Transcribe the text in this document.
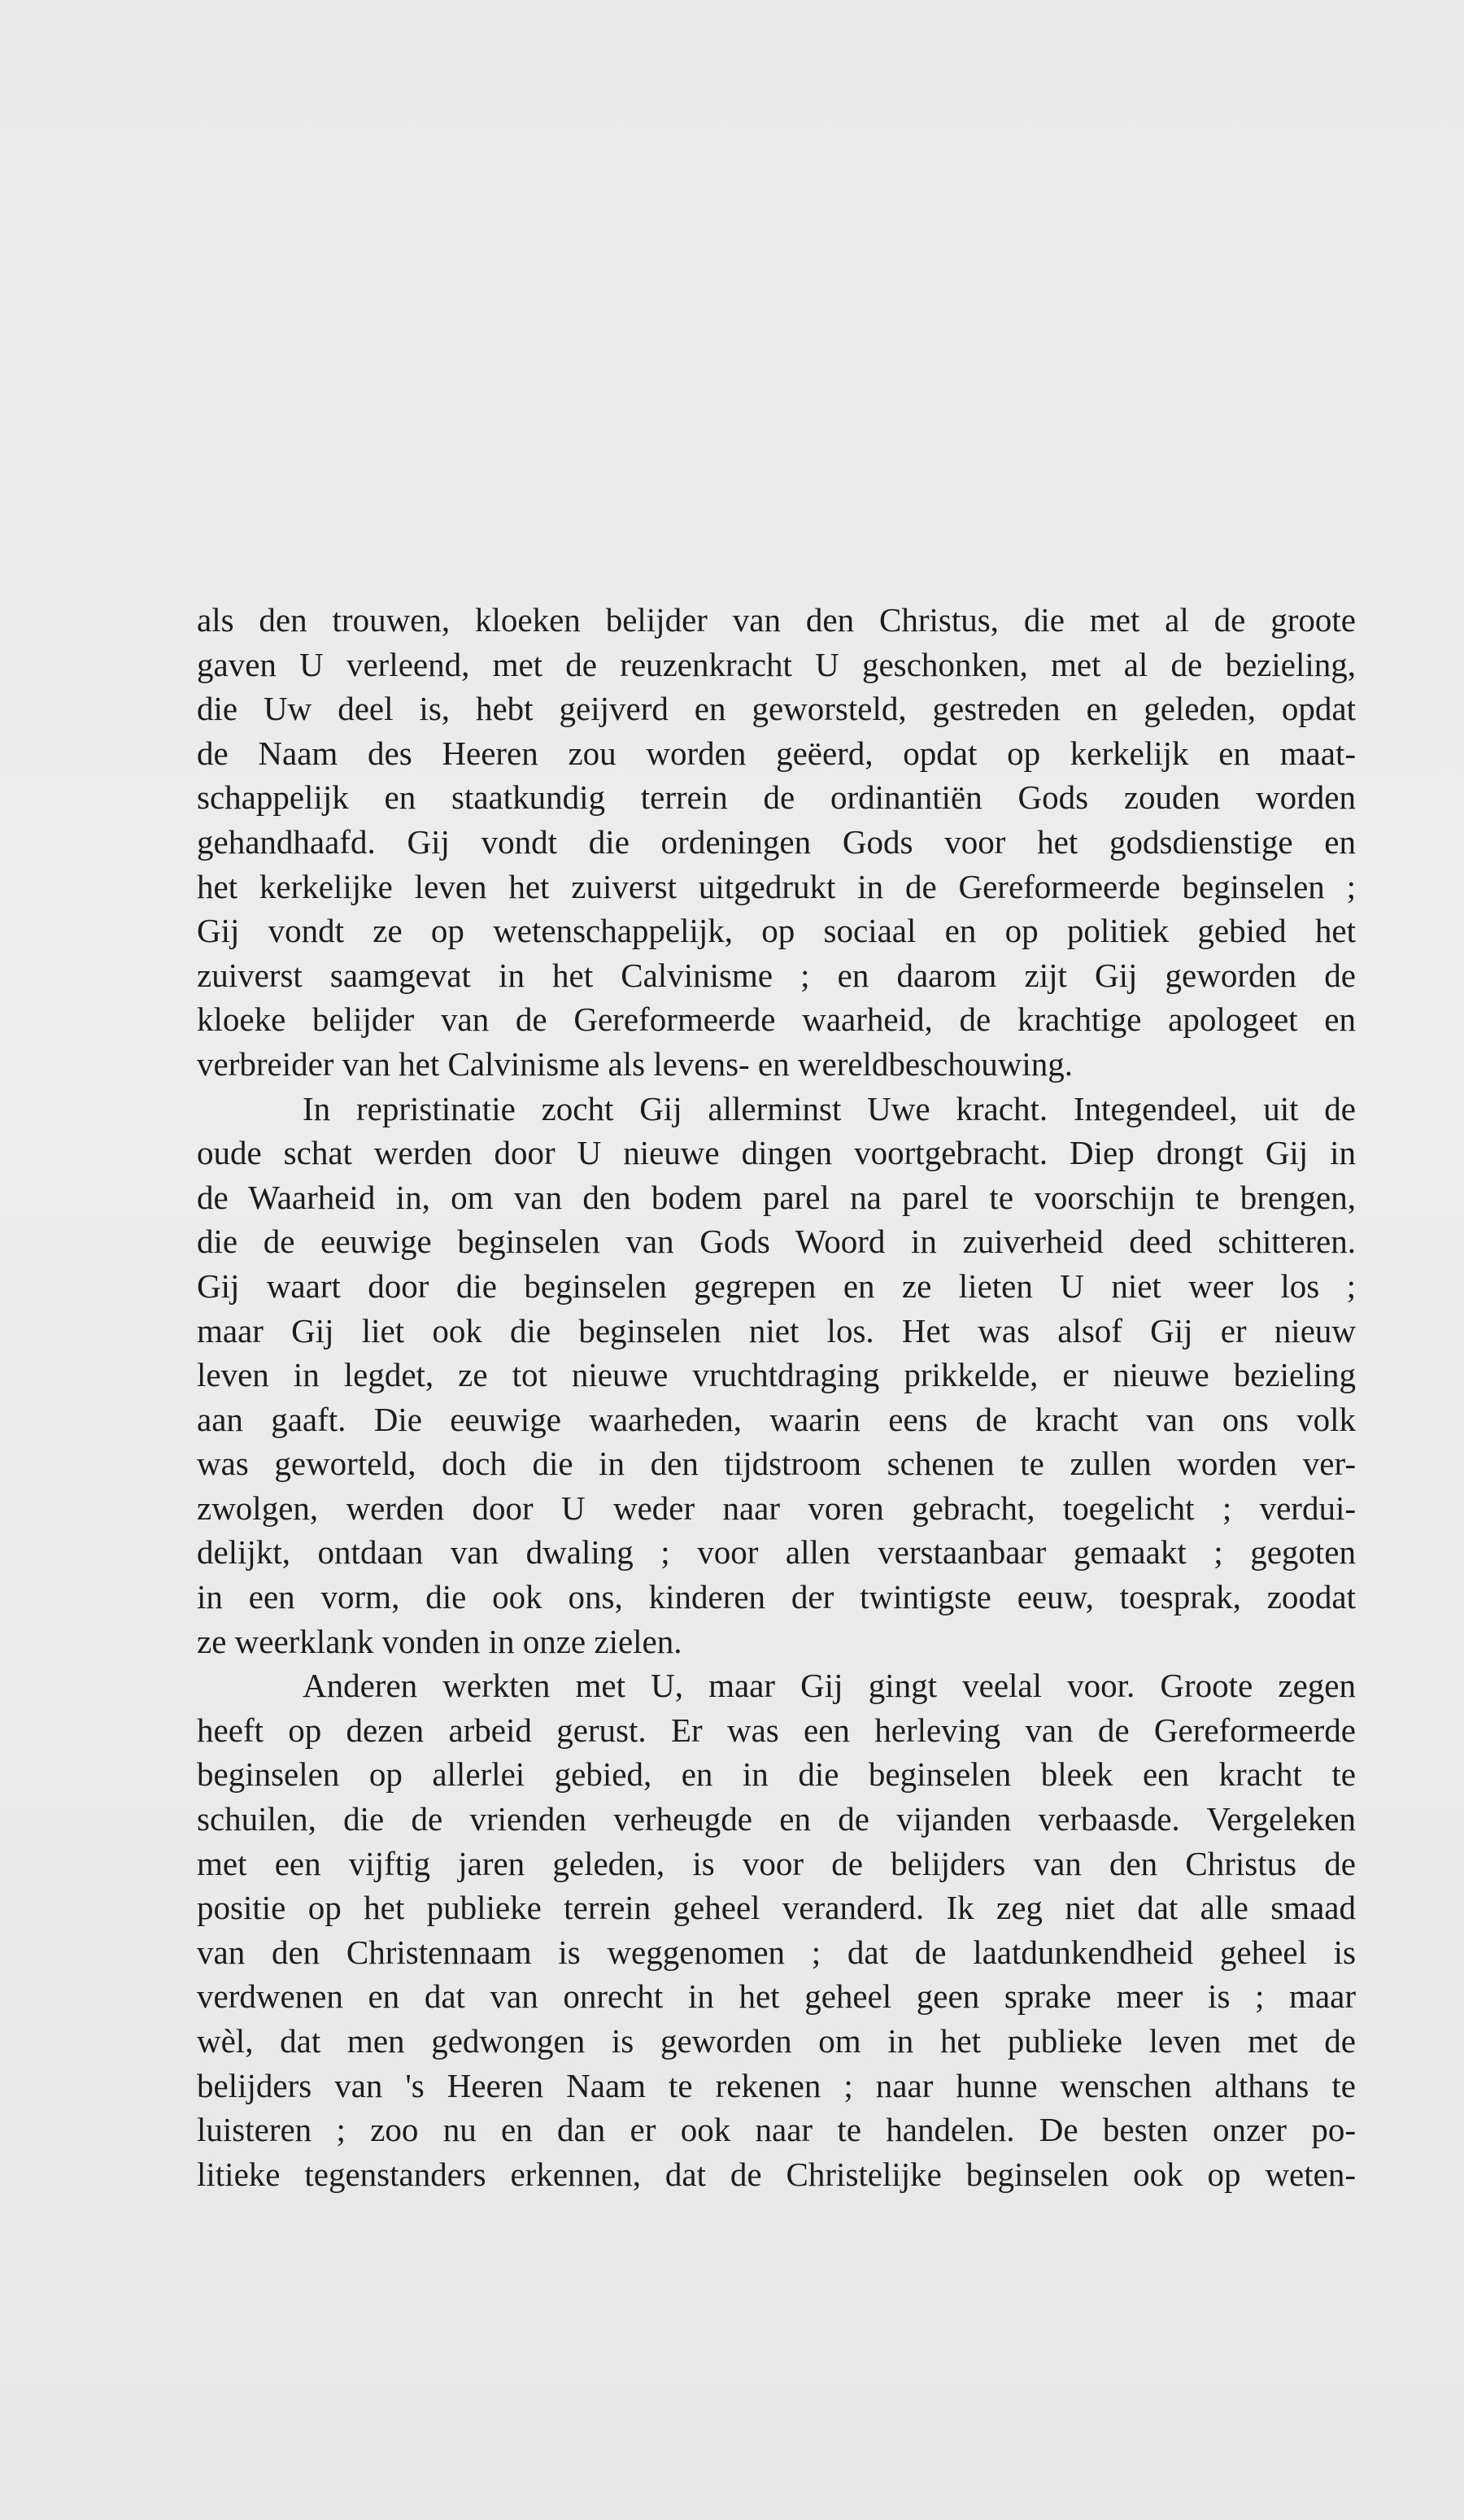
als den trouwen, kloeken belijder van den Christus, die met al de groote
gaven U verleend, met de reuzenkracht U geschonken, met al de bezieling,
die Uw deel is, hebt geijverd en geworsteld, gestreden en geleden, opdat
de Naam des Heeren zou worden geëerd, opdat op kerkelijk en maat-
schappelijk en staatkundig terrein de ordinantiën Gods zouden worden
gehandhaafd. Gij vondt die ordeningen Gods voor het godsdienstige en
het kerkelijke leven het zuiverst uitgedrukt in de Gereformeerde beginselen ;
Gij vondt ze op wetenschappelijk, op sociaal en op politiek gebied het
zuiverst saamgevat in het Calvinisme ; en daarom zijt Gij geworden de
kloeke belijder van de Gereformeerde waarheid, de krachtige apologeet en
verbreider van het Calvinisme als levens- en wereldbeschouwing.
In repristinatie zocht Gij allerminst Uwe kracht. Integendeel, uit de
oude schat werden door U nieuwe dingen voortgebracht. Diep drongt Gij in
de Waarheid in, om van den bodem parel na parel te voorschijn te brengen,
die de eeuwige beginselen van Gods Woord in zuiverheid deed schitteren.
Gij waart door die beginselen gegrepen en ze lieten U niet weer los ;
maar Gij liet ook die beginselen niet los. Het was alsof Gij er nieuw
leven in legdet, ze tot nieuwe vruchtdraging prikkelde, er nieuwe bezieling
aan gaaft. Die eeuwige waarheden, waarin eens de kracht van ons volk
was geworteld, doch die in den tijdstroom schenen te zullen worden ver-
zwolgen, werden door U weder naar voren gebracht, toegelicht ; verdui-
delijkt, ontdaan van dwaling ; voor allen verstaanbaar gemaakt ; gegoten
in een vorm, die ook ons, kinderen der twintigste eeuw, toesprak, zoodat
ze weerklank vonden in onze zielen.
Anderen werkten met U, maar Gij gingt veelal voor. Groote zegen
heeft op dezen arbeid gerust. Er was een herleving van de Gereformeerde
beginselen op allerlei gebied, en in die beginselen bleek een kracht te
schuilen, die de vrienden verheugde en de vijanden verbaasde. Vergeleken
met een vijftig jaren geleden, is voor de belijders van den Christus de
positie op het publieke terrein geheel veranderd. Ik zeg niet dat alle smaad
van den Christennaam is weggenomen ; dat de laatdunkendheid geheel is
verdwenen en dat van onrecht in het geheel geen sprake meer is ; maar
wèl, dat men gedwongen is geworden om in het publieke leven met de
belijders van 's Heeren Naam te rekenen ; naar hunne wenschen althans te
luisteren ; zoo nu en dan er ook naar te handelen. De besten onzer po-
litieke tegenstanders erkennen, dat de Christelijke beginselen ook op weten-
